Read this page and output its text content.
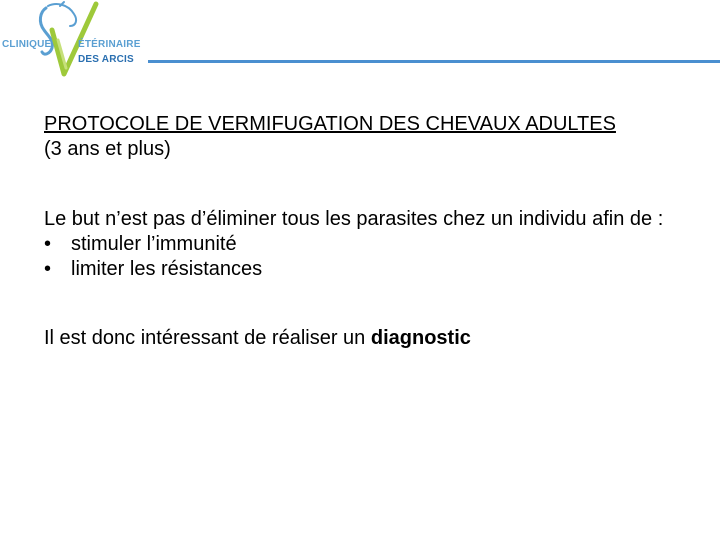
CLINIQUE	ÉTÉRINAIRE
DES ARCIS

PROTOCOLE DE VERMIFUGATION DES CHEVAUX ADULTES

(3 ans et plus)

Le but n’est pas d’éliminer tous les parasites chez un individu afin de :

• stimuler l’immunité
• limiter les résistances

Il est donc intéressant de réaliser un diagnostic
